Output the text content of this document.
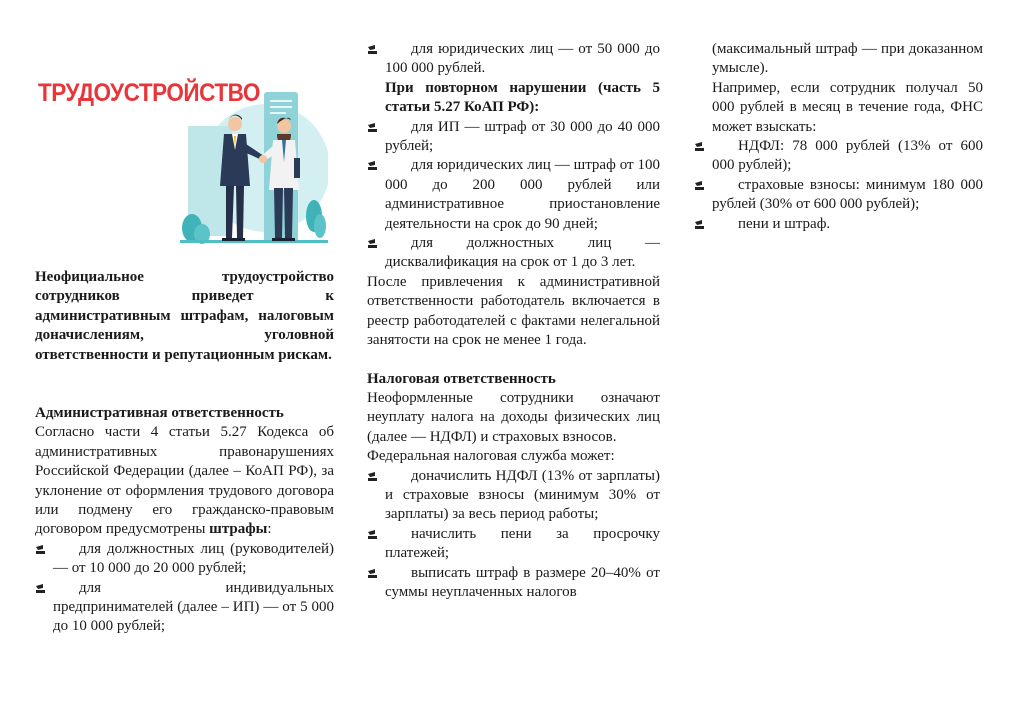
ТРУДОУСТРОЙСТВО

Неофициальное трудоустройство сотрудников приведет к административным штрафам, налоговым доначислениям, уголовной ответственности и репутационным рискам.

Административная ответственность

Согласно части 4 статьи 5.27 Кодекса об административных правонарушениях Российской Федерации (далее – КоАП РФ), за уклонение от оформления трудового договора или подмену его гражданско-правовым договором предусмотрены штрафы:

для должностных лиц (руководителей) — от 10 000 до 20 000 рублей;
для индивидуальных предпринимателей (далее – ИП) — от 5 000 до 10 000 рублей;
для юридических лиц — от 50 000 до 100 000 рублей.

При повторном нарушении (часть 5 статьи 5.27 КоАП РФ):

для ИП — штраф от 30 000 до 40 000 рублей;
для юридических лиц — штраф от 100 000 до 200 000 рублей или административное приостановление деятельности на срок до 90 дней;
для должностных лиц — дисквалификация на срок от 1 до 3 лет.

После привлечения к административной ответственности работодатель включается в реестр работодателей с фактами нелегальной занятости на срок не менее 1 года.

Налоговая ответственность

Неоформленные сотрудники означают неуплату налога на доходы физических лиц (далее — НДФЛ) и страховых взносов.

Федеральная налоговая служба может:

доначислить НДФЛ (13% от зарплаты) и страховые взносы (минимум 30% от зарплаты) за весь период работы;
начислить пени за просрочку платежей;
выписать штраф в размере 20–40% от суммы неуплаченных налогов

(максимальный штраф — при доказанном умысле).

Например, если сотрудник получал 50 000 рублей в месяц в течение года, ФНС может взыскать:

НДФЛ: 78 000 рублей (13% от 600 000 рублей);
страховые взносы: минимум 180 000 рублей (30% от 600 000 рублей);
пени и штраф.
